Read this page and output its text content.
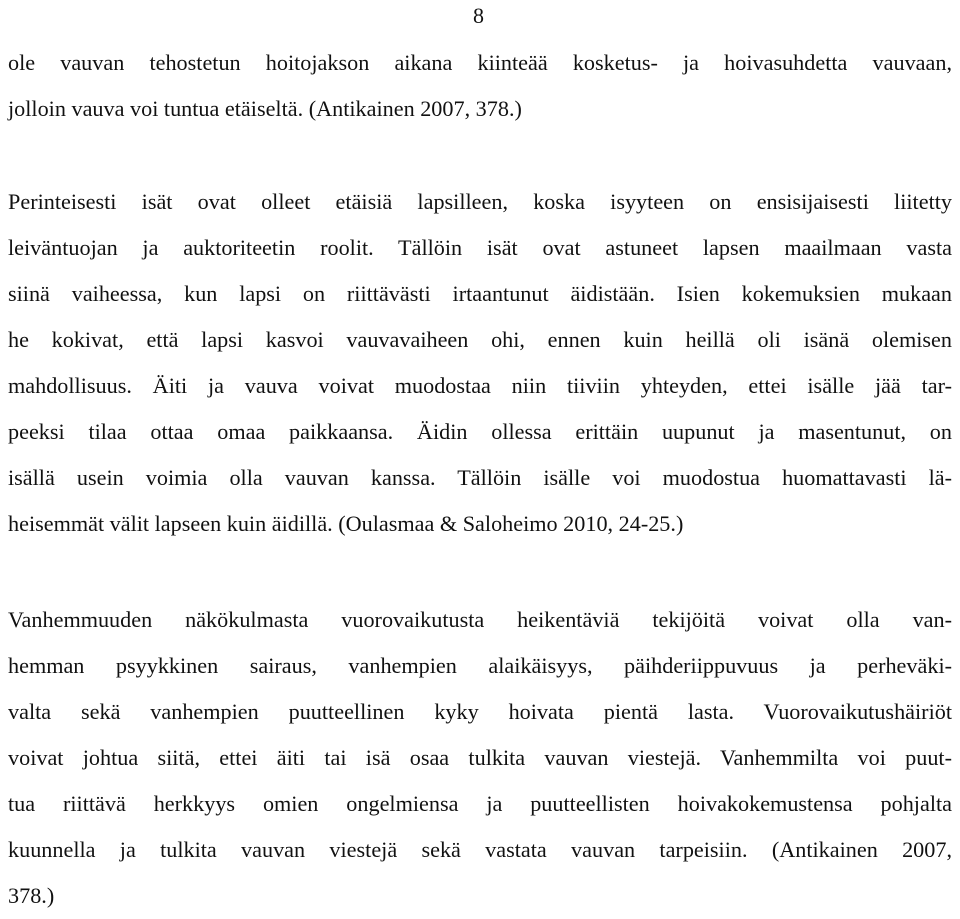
8
ole vauvan tehostetun hoitojakson aikana kiinteää kosketus- ja hoivasuhdetta vauvaan,
jolloin vauva voi tuntua etäiseltä. (Antikainen 2007, 378.)
Perinteisesti isät ovat olleet etäisiä lapsilleen, koska isyyteen on ensisijaisesti liitetty
leiväntuojan ja auktoriteetin roolit. Tällöin isät ovat astuneet lapsen maailmaan vasta
siinä vaiheessa, kun lapsi on riittävästi irtaantunut äidistään. Isien kokemuksien mukaan
he kokivat, että lapsi kasvoi vauvavaiheen ohi, ennen kuin heillä oli isänä olemisen
mahdollisuus. Äiti ja vauva voivat muodostaa niin tiiviin yhteyden, ettei isälle jää tar-
peeksi tilaa ottaa omaa paikkaansa. Äidin ollessa erittäin uupunut ja masentunut, on
isällä usein voimia olla vauvan kanssa. Tällöin isälle voi muodostua huomattavasti lä-
heisemmät välit lapseen kuin äidillä. (Oulasmaa & Saloheimo 2010, 24-25.)
Vanhemmuuden näkökulmasta vuorovaikutusta heikentäviä tekijöitä voivat olla van-
hemman psyykkinen sairaus, vanhempien alaikäisyys, päihderiippuvuus ja perheväki-
valta sekä vanhempien puutteellinen kyky hoivata pientä lasta. Vuorovaikutushäiriöt
voivat johtua siitä, ettei äiti tai isä osaa tulkita vauvan viestejä. Vanhemmilta voi puut-
tua riittävä herkkyys omien ongelmiensa ja puutteellisten hoivakokemustensa pohjalta
kuunnella ja tulkita vauvan viestejä sekä vastata vauvan tarpeisiin. (Antikainen 2007,
378.)
